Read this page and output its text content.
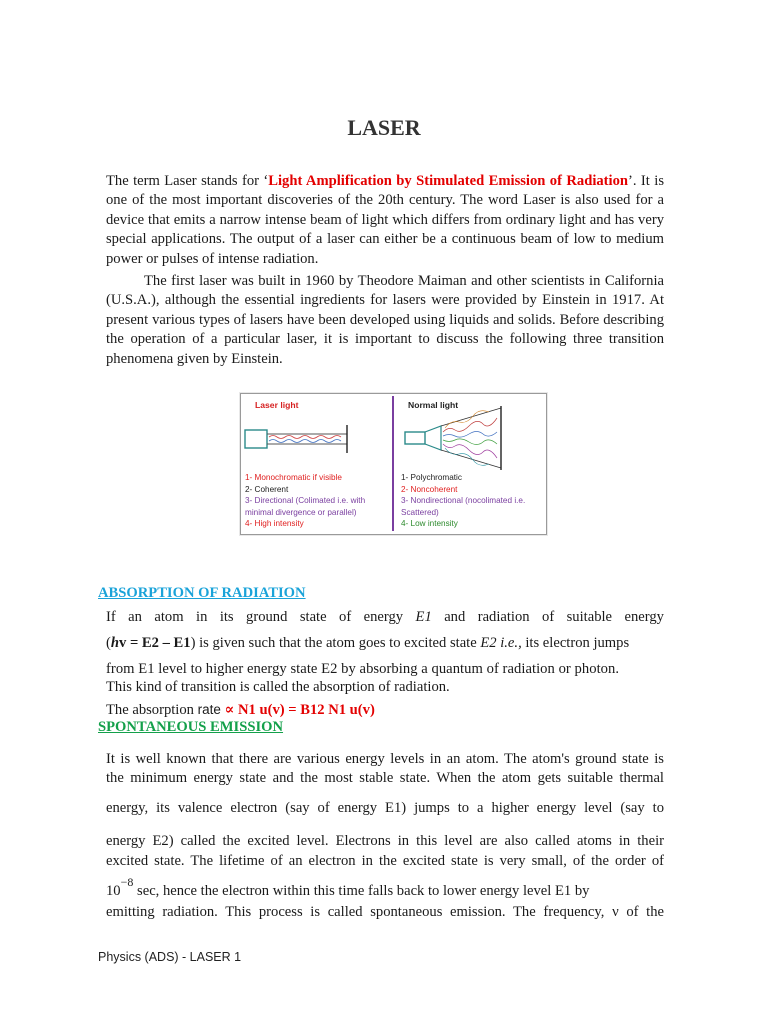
LASER

The term Laser stands for ‘Light Amplification by Stimulated Emission of Radiation’. It is one of the most important discoveries of the 20th century. The word Laser is also used for a device that emits a narrow intense beam of light which differs from ordinary light and has very special applications. The output of a laser can either be a continuous beam of low to medium power or pulses of intense radiation.

The first laser was built in 1960 by Theodore Maiman and other scientists in California (U.S.A.), although the essential ingredients for lasers were provided by Einstein in 1917. At present various types of lasers have been developed using liquids and solids. Before describing the operation of a particular laser, it is important to discuss the following three transition phenomena given by Einstein.

Laser light	Normal light
1- Monochromatic if visible
2- Coherent
3- Directional (Colimated i.e. with minimal divergence or parallel)
4- High intensity
1- Polychromatic
2- Noncoherent
3- Nondirectional (nocolimated i.e. Scattered)
4- Low intensity
ABSORPTION OF RADIATION
If an atom in its ground state of energy E1 and radiation of suitable energy
(hv = E2 – E1) is given such that the atom goes to excited state E2 i.e., its electron jumps
from E1 level to higher energy state E2 by absorbing a quantum of radiation or photon.
This kind of transition is called the absorption of radiation.
The absorption rate ∝ N1 u(v) = B12 N1 u(v)
SPONTANEOUS EMISSION
It is well known that there are various energy levels in an atom. The atom's ground state is
the minimum energy state and the most stable state. When the atom gets suitable thermal
energy, its valence electron (say of energy E1) jumps to a higher energy level (say to
energy E2) called the excited level. Electrons in this level are also called atoms in their
excited state. The lifetime of an electron in the excited state is very small, of the order of
$10^{-8}$ sec, hence the electron within this time falls back to lower energy level E1 by
emitting radiation. This process is called spontaneous emission. The frequency, ν of the
Physics (ADS) - LASER 1
